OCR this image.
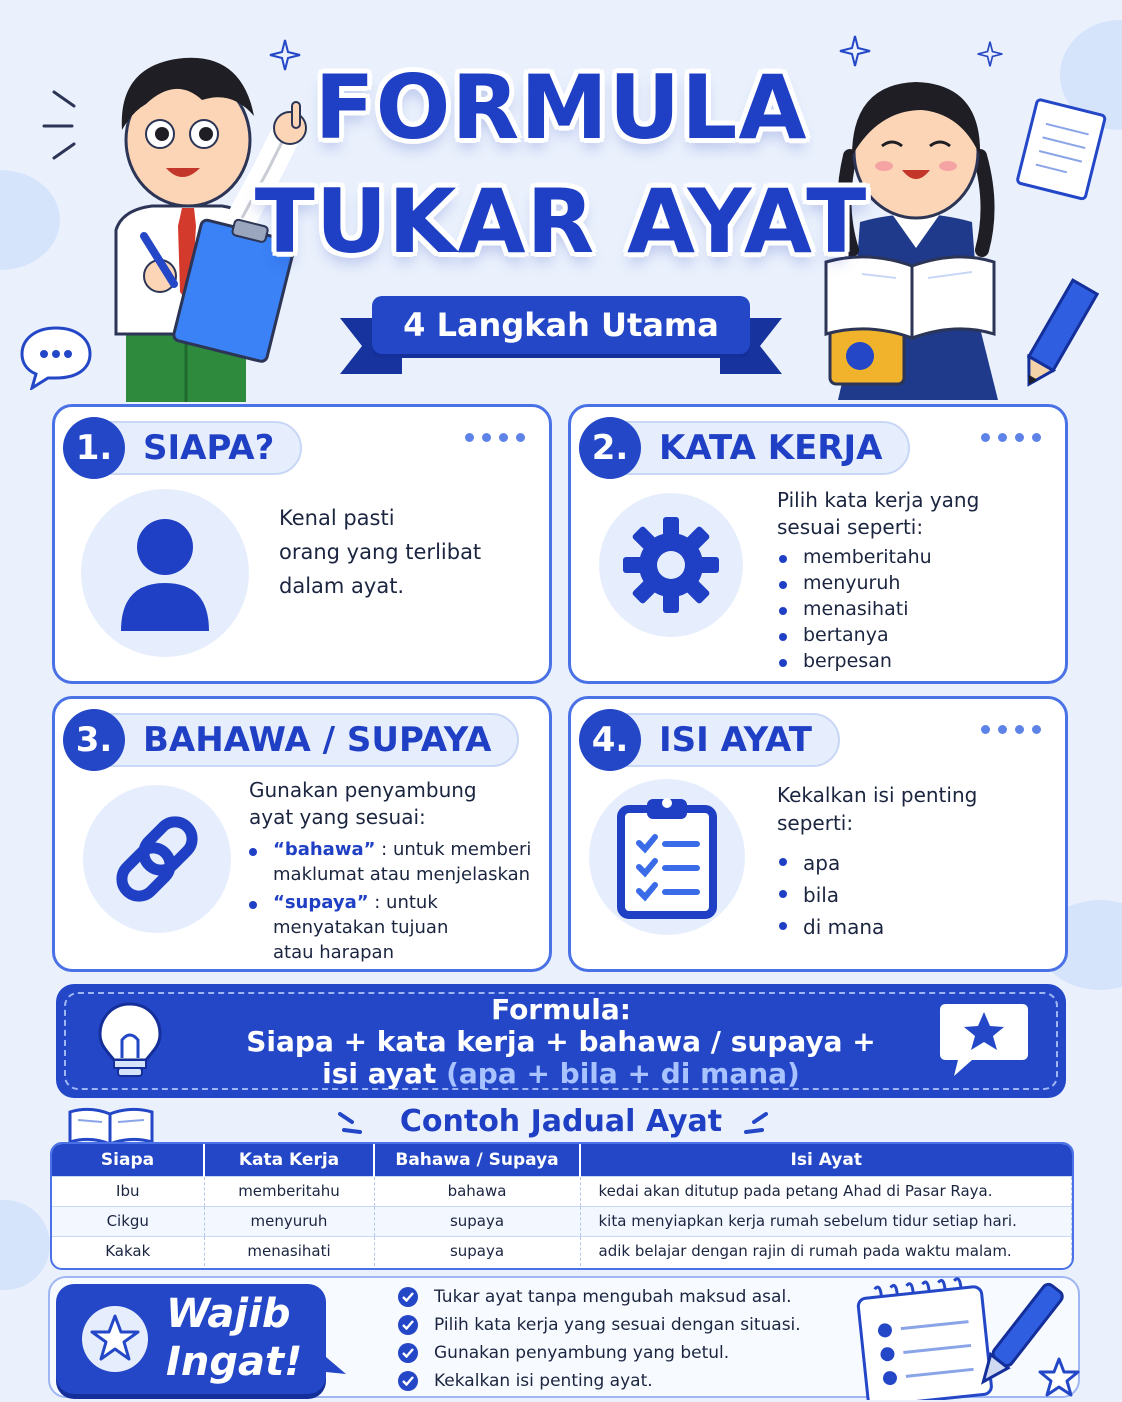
FORMULA
TUKAR AYAT
4 Langkah Utama
1. SIAPA?
Kenal pasti
orang yang terlibat
dalam ayat.
2. KATA KERJA
Pilih kata kerja yang
sesuai seperti:
memberitahu
menyuruh
menasihati
bertanya
berpesan
3. BAHAWA / SUPAYA
Gunakan penyambung
ayat yang sesuai:
“bahawa” : untuk memberi
maklumat atau menjelaskan
“supaya” : untuk
menyatakan tujuan
atau harapan
4. ISI AYAT
Kekalkan isi penting
seperti:
apa
bila
di mana
Formula:
Siapa + kata kerja + bahawa / supaya +
isi ayat (apa + bila + di mana)
Contoh Jadual Ayat
Siapa	Kata Kerja	Bahawa / Supaya	Isi Ayat
Ibu	memberitahu	bahawa	kedai akan ditutup pada petang Ahad di Pasar Raya.
Cikgu	menyuruh	supaya	kita menyiapkan kerja rumah sebelum tidur setiap hari.
Kakak	menasihati	supaya	adik belajar dengan rajin di rumah pada waktu malam.
Wajib
Ingat!
Tukar ayat tanpa mengubah maksud asal.
Pilih kata kerja yang sesuai dengan situasi.
Gunakan penyambung yang betul.
Kekalkan isi penting ayat.
